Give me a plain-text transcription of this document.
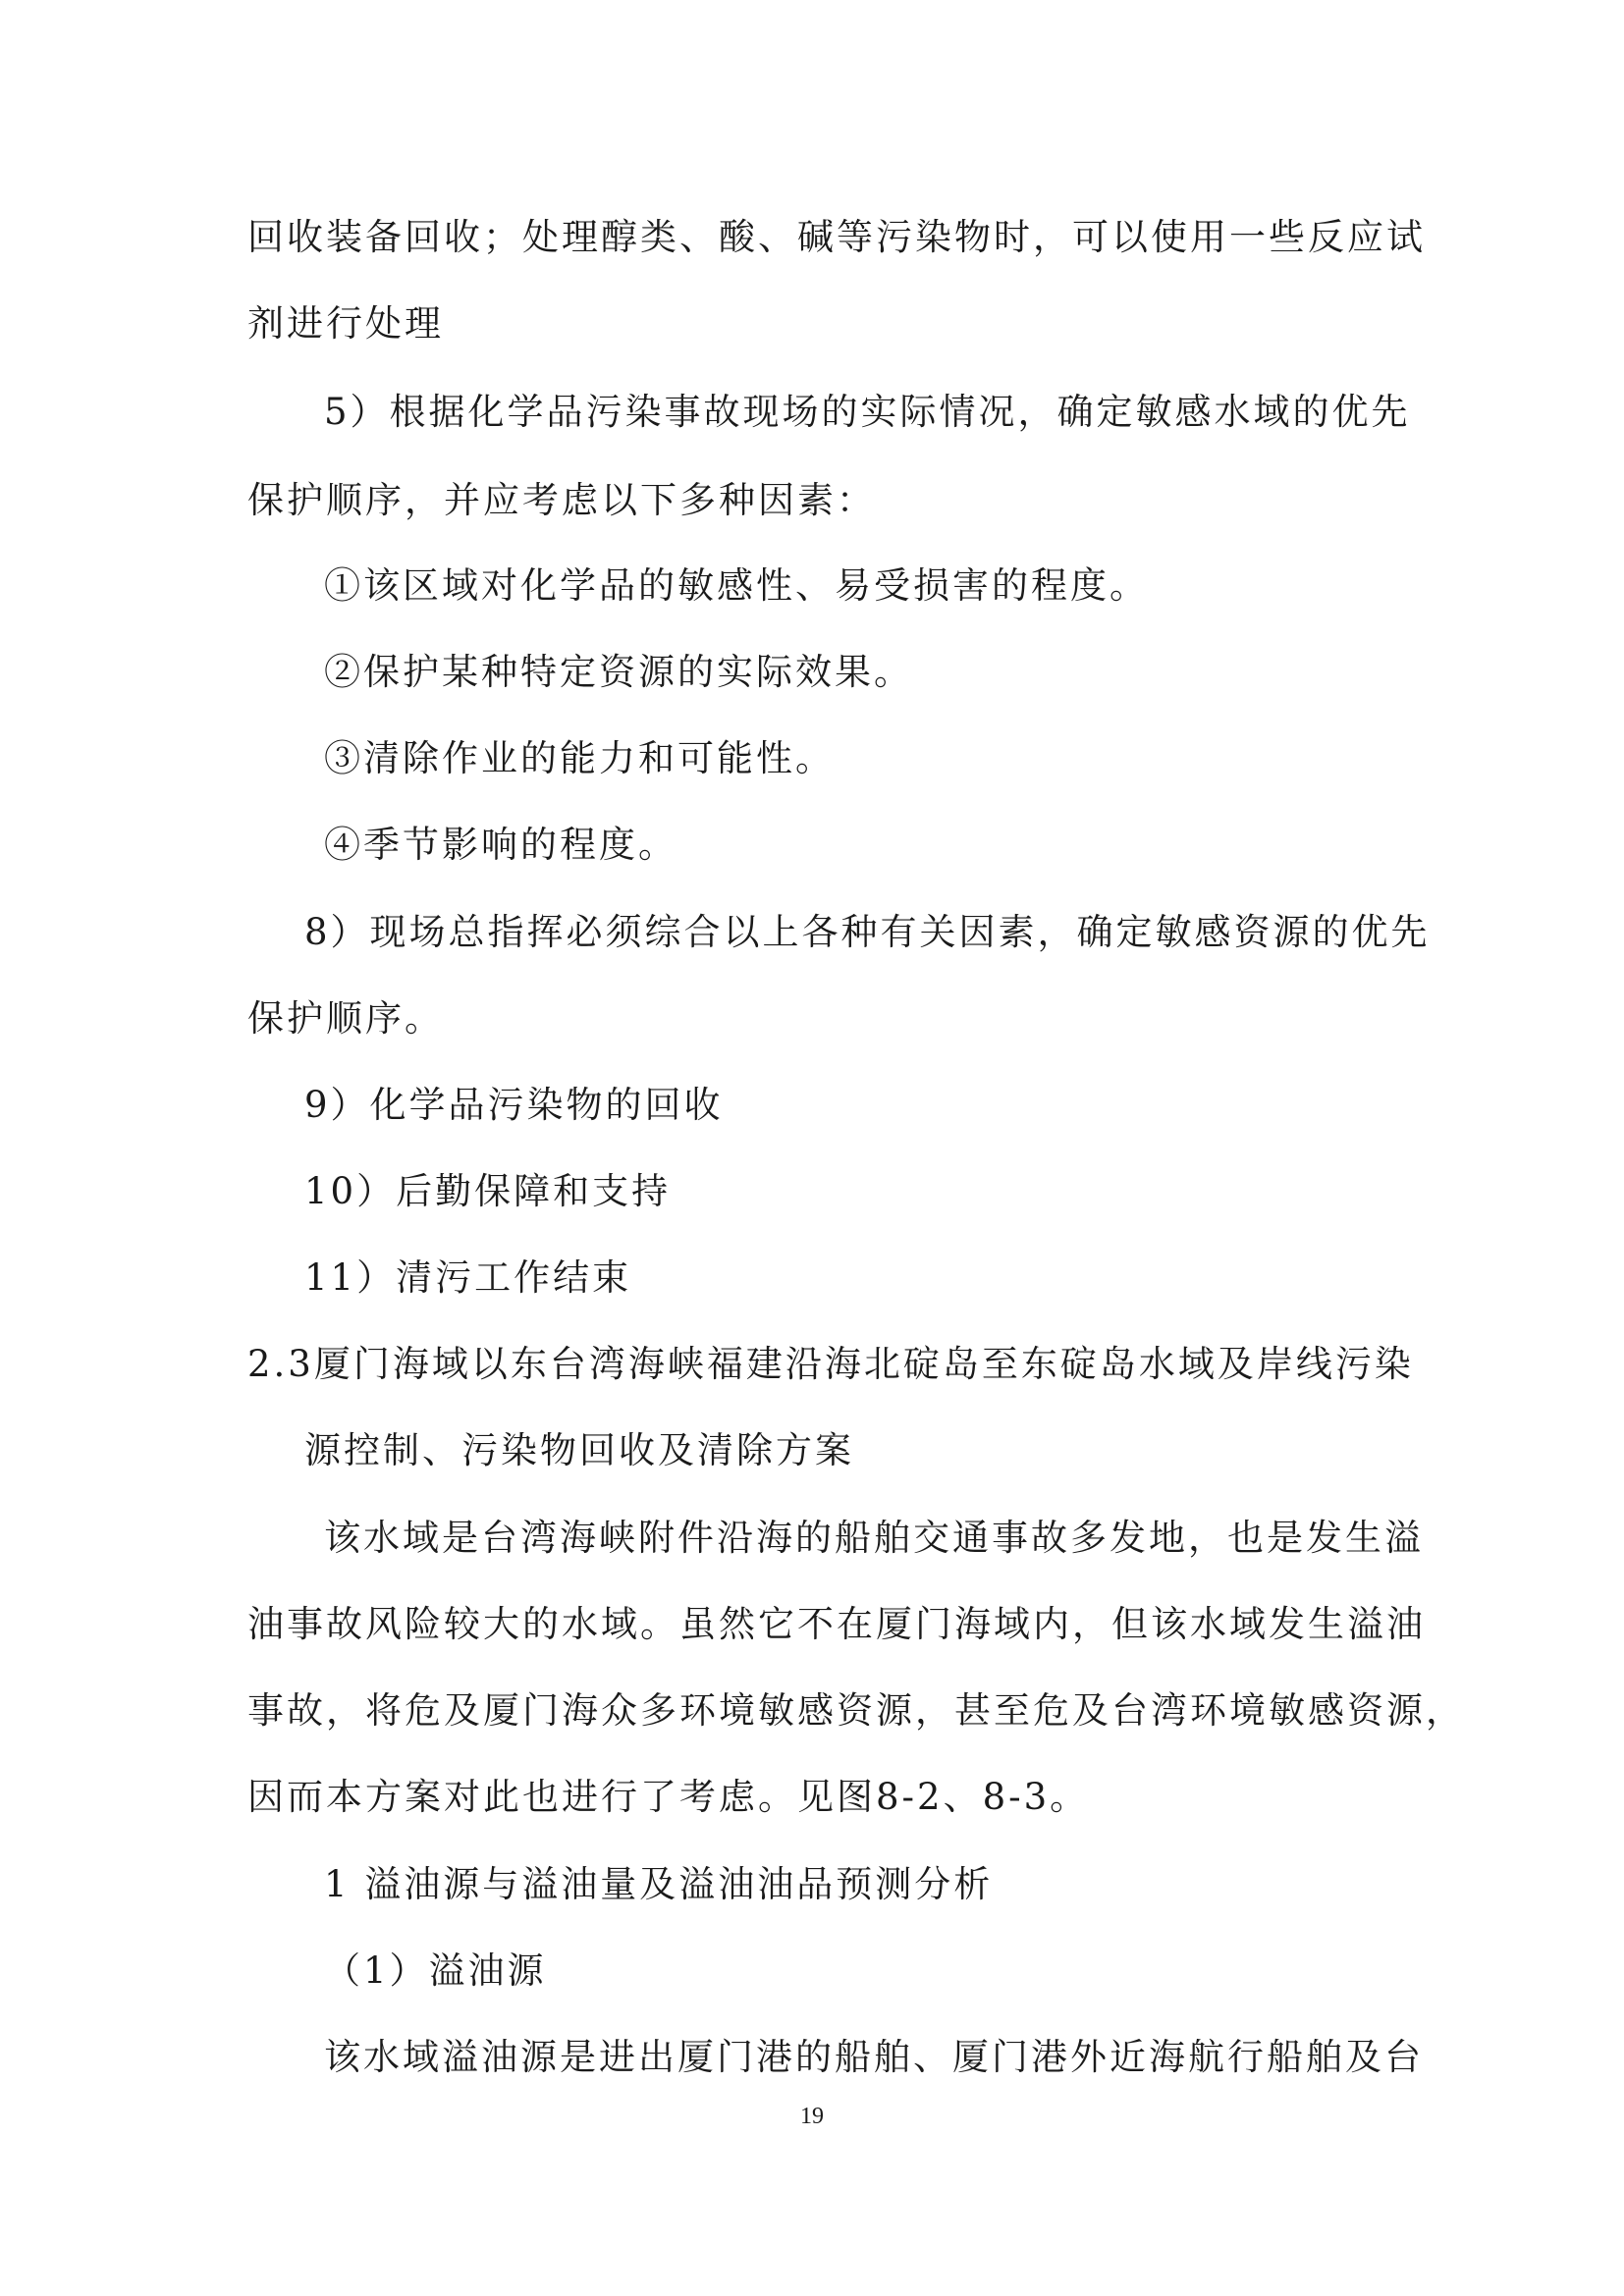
回收装备回收；处理醇类、酸、碱等污染物时，可以使用一些反应试
剂进行处理
5）根据化学品污染事故现场的实际情况，确定敏感水域的优先
保护顺序，并应考虑以下多种因素：
①该区域对化学品的敏感性、易受损害的程度。
②保护某种特定资源的实际效果。
③清除作业的能力和可能性。
④季节影响的程度。
8）现场总指挥必须综合以上各种有关因素，确定敏感资源的优先
保护顺序。
9）化学品污染物的回收
10）后勤保障和支持
11）清污工作结束
2.3厦门海域以东台湾海峡福建沿海北碇岛至东碇岛水域及岸线污染
源控制、污染物回收及清除方案
该水域是台湾海峡附件沿海的船舶交通事故多发地，也是发生溢
油事故风险较大的水域。虽然它不在厦门海域内，但该水域发生溢油
事故，将危及厦门海众多环境敏感资源，甚至危及台湾环境敏感资源，
因而本方案对此也进行了考虑。见图8-2、8-3。
1 溢油源与溢油量及溢油油品预测分析
（1）溢油源
该水域溢油源是进出厦门港的船舶、厦门港外近海航行船舶及台
19
